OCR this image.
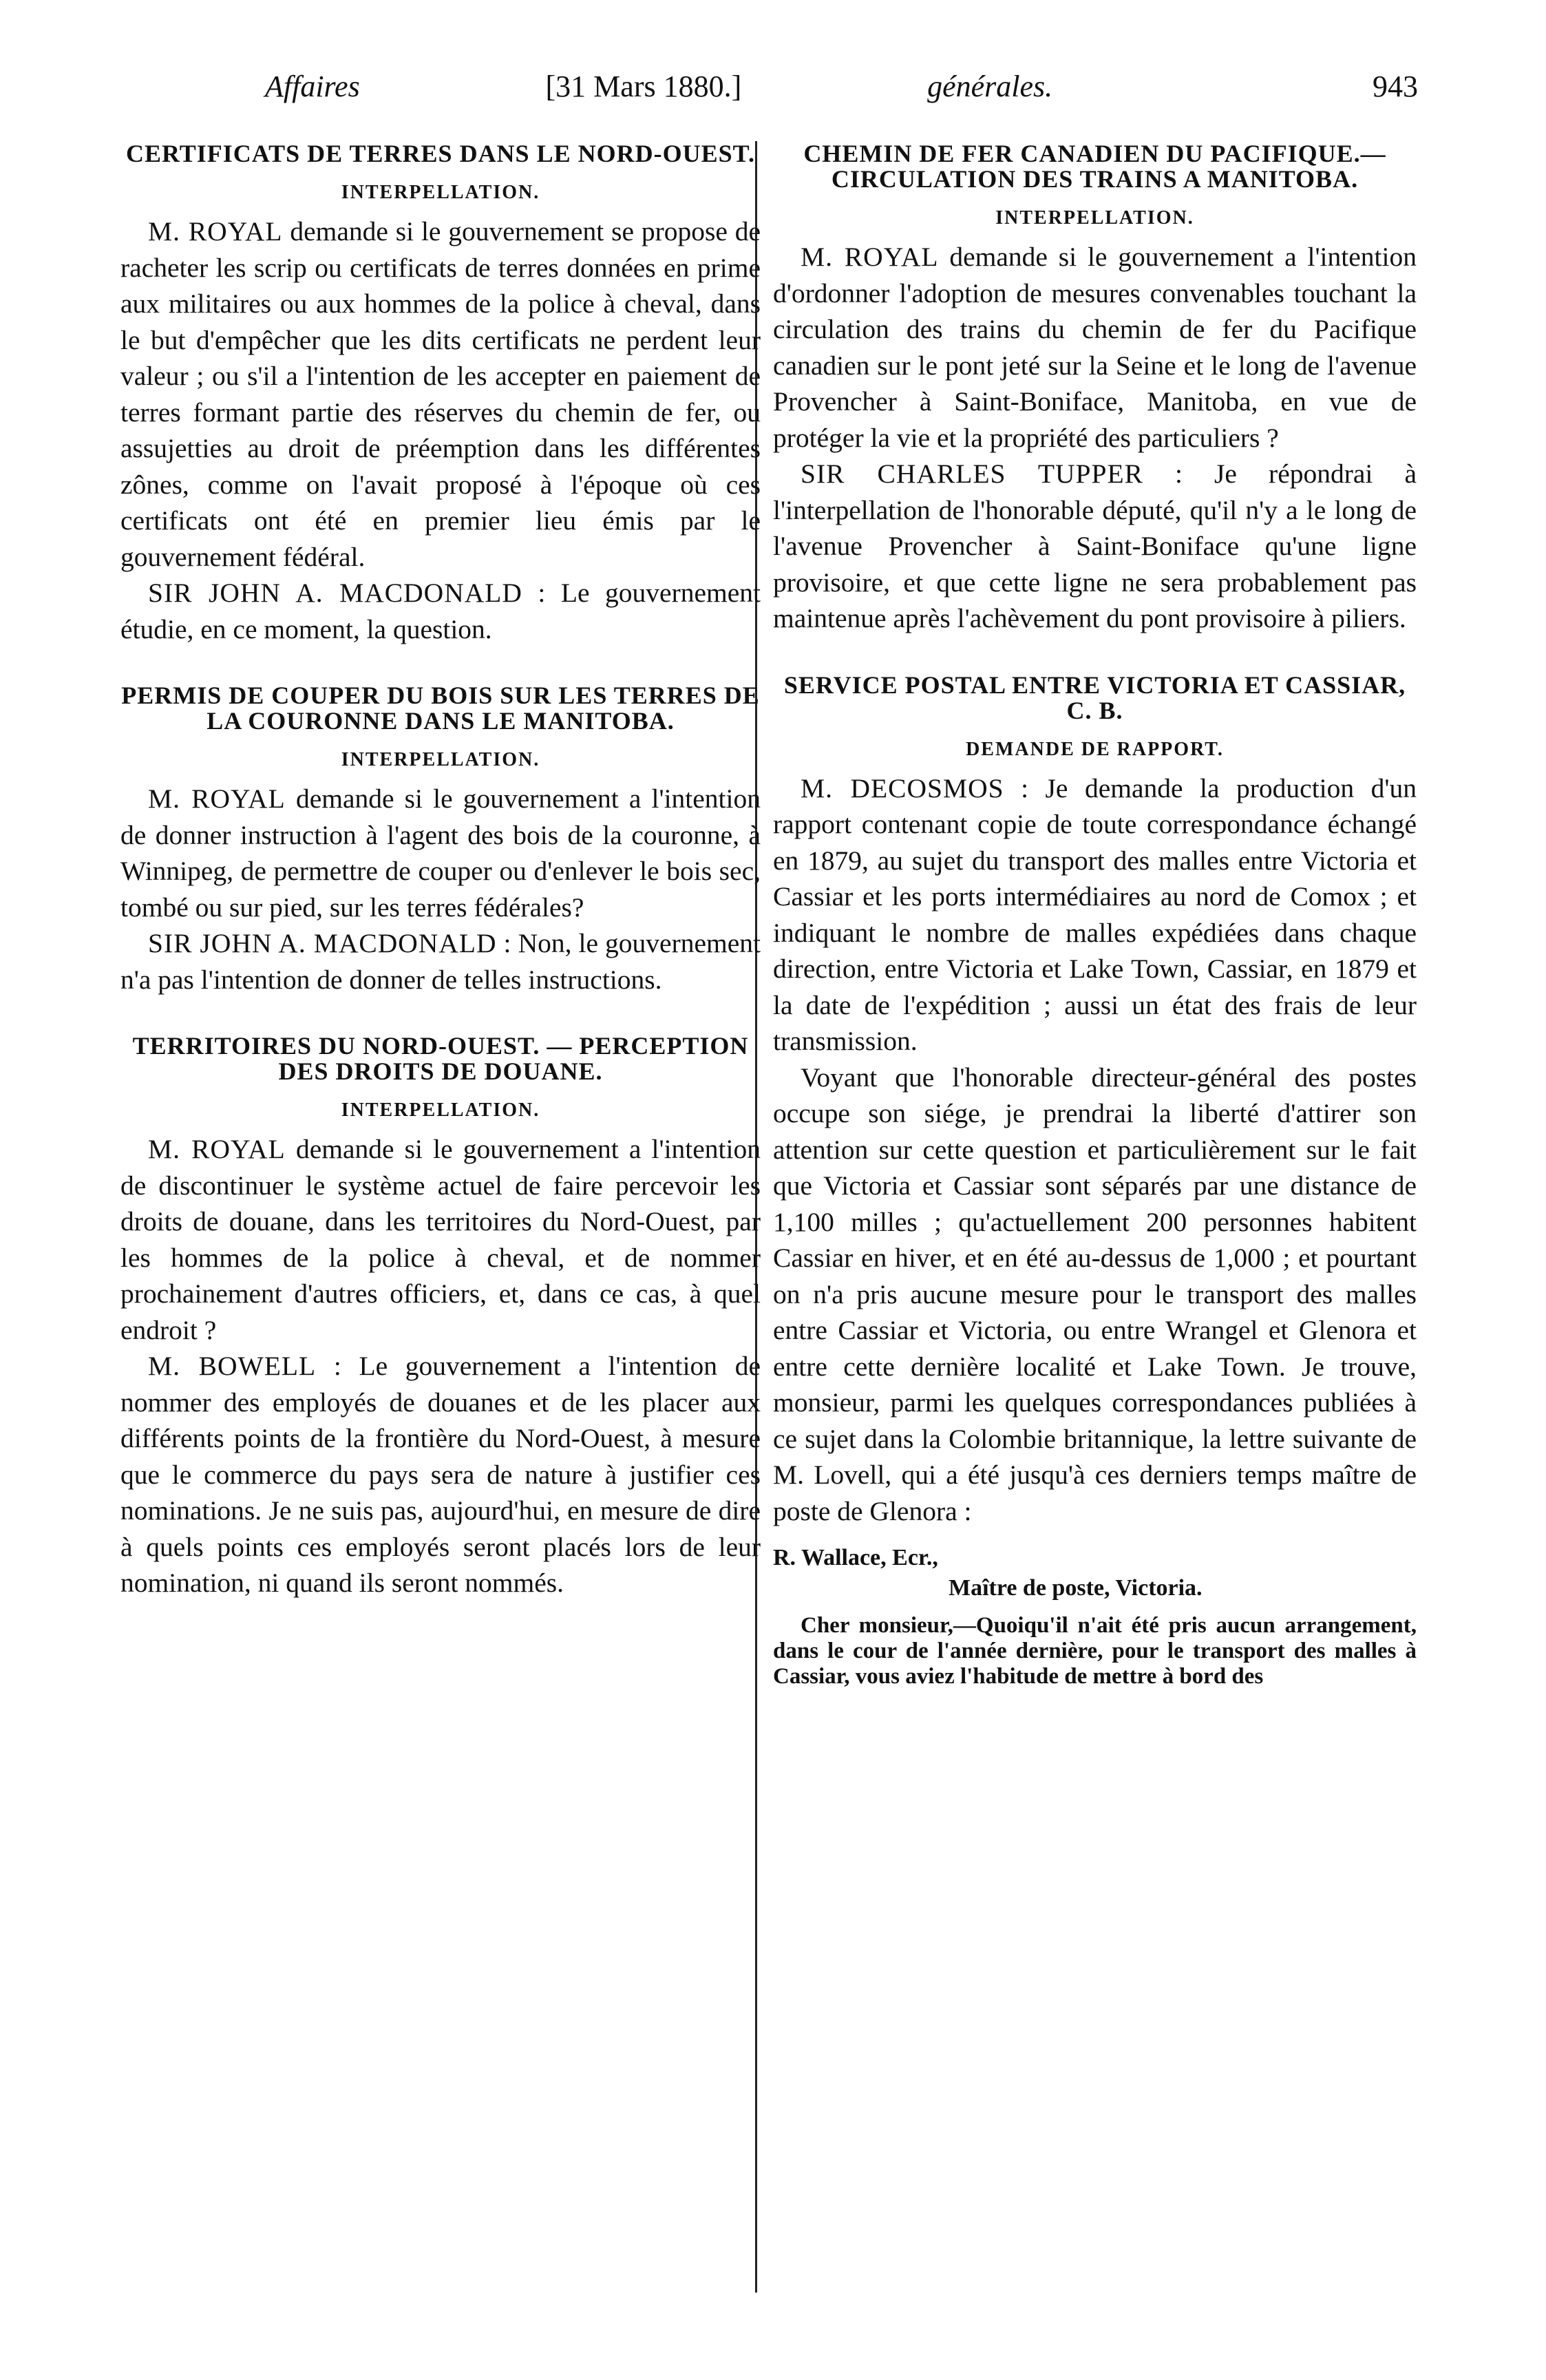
Affaires	[31 Mars 1880.]	générales.	943
CERTIFICATS DE TERRES DANS LE NORD-OUEST.
INTERPELLATION.

M. ROYAL demande si le gouvernement se propose de racheter les scrip ou certificats de terres données en prime aux militaires ou aux hommes de la police à cheval, dans le but d'empêcher que les dits certificats ne perdent leur valeur ; ou s'il a l'intention de les accepter en paiement de terres formant partie des réserves du chemin de fer, ou assujetties au droit de préemption dans les différentes zônes, comme on l'avait proposé à l'époque où ces certificats ont été en premier lieu émis par le gouvernement fédéral.

SIR JOHN A. MACDONALD : Le gouvernement étudie, en ce moment, la question.

PERMIS DE COUPER DU BOIS SUR LES TERRES DE LA COURONNE DANS LE MANITOBA.
INTERPELLATION.

M. ROYAL demande si le gouvernement a l'intention de donner instruction à l'agent des bois de la couronne, à Winnipeg, de permettre de couper ou d'enlever le bois sec, tombé ou sur pied, sur les terres fédérales?

SIR JOHN A. MACDONALD : Non, le gouvernement n'a pas l'intention de donner de telles instructions.

TERRITOIRES DU NORD-OUEST. — PERCEPTION DES DROITS DE DOUANE.
INTERPELLATION.

M. ROYAL demande si le gouvernement a l'intention de discontinuer le système actuel de faire percevoir les droits de douane, dans les territoires du Nord-Ouest, par les hommes de la police à cheval, et de nommer prochainement d'autres officiers, et, dans ce cas, à quel endroit ?

M. BOWELL : Le gouvernement a l'intention de nommer des employés de douanes et de les placer aux différents points de la frontière du Nord-Ouest, à mesure que le commerce du pays sera de nature à justifier ces nominations. Je ne suis pas, aujourd'hui, en mesure de dire à quels points ces employés seront placés lors de leur nomination, ni quand ils seront nommés.

CHEMIN DE FER CANADIEN DU PACIFIQUE.— CIRCULATION DES TRAINS A MANITOBA.
INTERPELLATION.

M. ROYAL demande si le gouvernement a l'intention d'ordonner l'adoption de mesures convenables touchant la circulation des trains du chemin de fer du Pacifique canadien sur le pont jeté sur la Seine et le long de l'avenue Provencher à Saint-Boniface, Manitoba, en vue de protéger la vie et la propriété des particuliers ?

SIR CHARLES TUPPER : Je répondrai à l'interpellation de l'honorable député, qu'il n'y a le long de l'avenue Provencher à Saint-Boniface qu'une ligne provisoire, et que cette ligne ne sera probablement pas maintenue après l'achèvement du pont provisoire à piliers.

SERVICE POSTAL ENTRE VICTORIA ET CASSIAR, C. B.
DEMANDE DE RAPPORT.

M. DECOSMOS : Je demande la production d'un rapport contenant copie de toute correspondance échangé en 1879, au sujet du transport des malles entre Victoria et Cassiar et les ports intermédiaires au nord de Comox ; et indiquant le nombre de malles expédiées dans chaque direction, entre Victoria et Lake Town, Cassiar, en 1879 et la date de l'expédition ; aussi un état des frais de leur transmission.

Voyant que l'honorable directeur-général des postes occupe son siége, je prendrai la liberté d'attirer son attention sur cette question et particulièrement sur le fait que Victoria et Cassiar sont séparés par une distance de 1,100 milles ; qu'actuellement 200 personnes habitent Cassiar en hiver, et en été au-dessus de 1,000 ; et pourtant on n'a pris aucune mesure pour le transport des malles entre Cassiar et Victoria, ou entre Wrangel et Glenora et entre cette dernière localité et Lake Town. Je trouve, monsieur, parmi les quelques correspondances publiées à ce sujet dans la Colombie britannique, la lettre suivante de M. Lovell, qui a été jusqu'à ces derniers temps maître de poste de Glenora :

R. Wallace, Ecr.,
Maître de poste, Victoria.

Cher monsieur,—Quoiqu'il n'ait été pris aucun arrangement, dans le cour de l'année dernière, pour le transport des malles à Cassiar, vous aviez l'habitude de mettre à bord des
